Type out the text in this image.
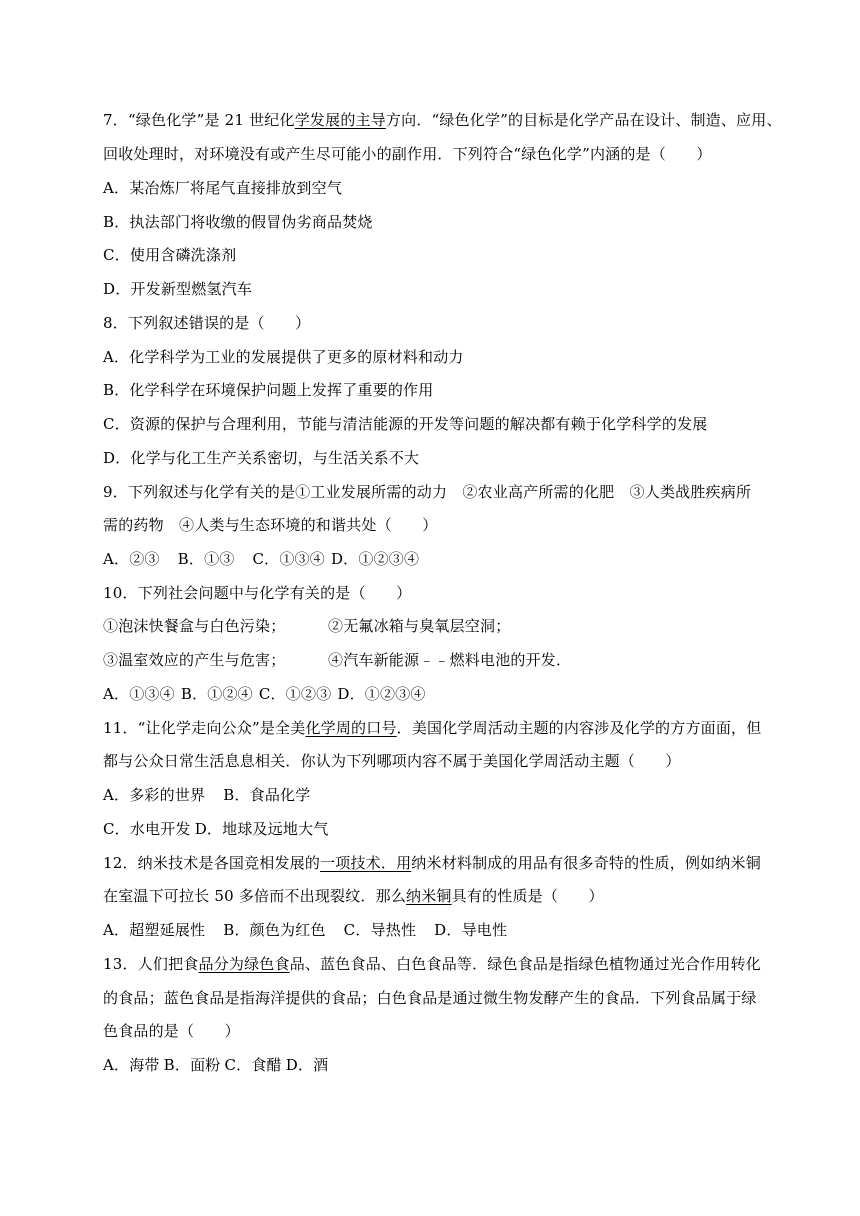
7．“绿色化学”是 21 世纪化学发展的主导方向．“绿色化学”的目标是化学产品在设计、制造、应用、
回收处理时，对环境没有或产生尽可能小的副作用．下列符合“绿色化学”内涵的是（　　）
A．某冶炼厂将尾气直接排放到空气
B．执法部门将收缴的假冒伪劣商品焚烧
C．使用含磷洗涤剂
D．开发新型燃氢汽车
8．下列叙述错误的是（　　）
A．化学科学为工业的发展提供了更多的原材料和动力
B．化学科学在环境保护问题上发挥了重要的作用
C．资源的保护与合理利用，节能与清洁能源的开发等问题的解决都有赖于化学科学的发展
D．化学与化工生产关系密切，与生活关系不大
9．下列叙述与化学有关的是①工业发展所需的动力　②农业高产所需的化肥　③人类战胜疾病所
需的药物　④人类与生态环境的和谐共处（　　）
A．②③ B．①③ C．①③④ D．①②③④
10．下列社会问题中与化学有关的是（　　）
①泡沫快餐盒与白色污染；	②无氟冰箱与臭氧层空洞；
③温室效应的产生与危害；	④汽车新能源﹣﹣燃料电池的开发．
A．①③④ B．①②④ C．①②③ D．①②③④
11．“让化学走向公众”是全美化学周的口号．美国化学周活动主题的内容涉及化学的方方面面，但
都与公众日常生活息息相关．你认为下列哪项内容不属于美国化学周活动主题（　　）
A．多彩的世界 B．食品化学
C．水电开发 D．地球及远地大气
12．纳米技术是各国竞相发展的一项技术．用纳米材料制成的用品有很多奇特的性质，例如纳米铜
在室温下可拉长 50 多倍而不出现裂纹．那么纳米铜具有的性质是（　　）
A．超塑延展性 B．颜色为红色 C．导热性 D．导电性
13．人们把食品分为绿色食品、蓝色食品、白色食品等．绿色食品是指绿色植物通过光合作用转化
的食品；蓝色食品是指海洋提供的食品；白色食品是通过微生物发酵产生的食品．下列食品属于绿
色食品的是（　　）
A．海带 B．面粉 C．食醋 D．酒
